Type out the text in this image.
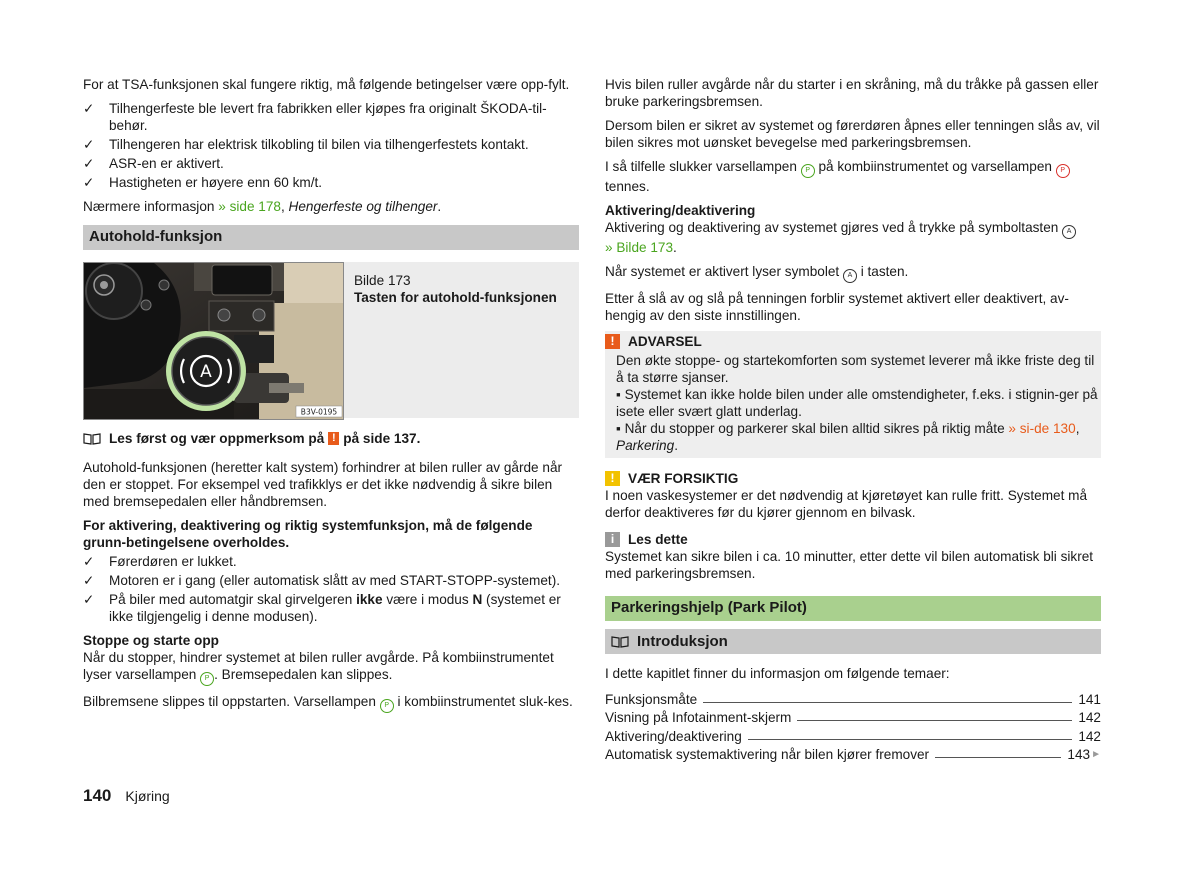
For at TSA-funksjonen skal fungere riktig, må følgende betingelser være opp-fylt.

✓ Tilhengerfeste ble levert fra fabrikken eller kjøpes fra originalt ŠKODA-til-behør.
✓ Tilhengeren har elektrisk tilkobling til bilen via tilhengerfestets kontakt.
✓ ASR-en er aktivert.
✓ Hastigheten er høyere enn 60 km/t.

Nærmere informasjon » side 178, Hengerfeste og tilhenger.

Autohold-funksjon
A
B3V-0195
Bilde 173
Tasten for autohold-funksjonen
Les først og vær oppmerksom på ! på side 137.

Autohold-funksjonen (heretter kalt system) forhindrer at bilen ruller av gårde når den er stoppet. For eksempel ved trafikklys er det ikke nødvendig å sikre bilen med bremsepedalen eller håndbremsen.

For aktivering, deaktivering og riktig systemfunksjon, må de følgende grunn-betingelsene overholdes.

✓ Førerdøren er lukket.
✓ Motoren er i gang (eller automatisk slått av med START-STOPP-systemet).
✓ På biler med automatgir skal girvelgeren ikke være i modus N (systemet er ikke tilgjengelig i denne modusen).

Stoppe og starte opp

Når du stopper, hindrer systemet at bilen ruller avgårde. På kombiinstrumentet lyser varsellampen P . Bremsepedalen kan slippes.

Bilbremsene slippes til oppstarten. Varsellampen P i kombiinstrumentet sluk-kes.

Hvis bilen ruller avgårde når du starter i en skråning, må du tråkke på gassen eller bruke parkeringsbremsen.

Dersom bilen er sikret av systemet og førerdøren åpnes eller tenningen slås av, vil bilen sikres mot uønsket bevegelse med parkeringsbremsen.

I så tilfelle slukker varsellampen P på kombiinstrumentet og varsellampen P tennes.

Aktivering/deaktivering

Aktivering og deaktivering av systemet gjøres ved å trykke på symboltasten A
» Bilde 173.

Når systemet er aktivert lyser symbolet A i tasten.

Etter å slå av og slå på tenningen forblir systemet aktivert eller deaktivert, av-hengig av den siste innstillingen.

! ADVARSEL
Den økte stoppe- og startekomforten som systemet leverer må ikke friste deg til å ta større sjanser.
▪ Systemet kan ikke holde bilen under alle omstendigheter, f.eks. i stignin-ger på isete eller svært glatt underlag.
▪ Når du stopper og parkerer skal bilen alltid sikres på riktig måte » si-de 130, Parkering.
! VÆR FORSIKTIG
I noen vaskesystemer er det nødvendig at kjøretøyet kan rulle fritt. Systemet må derfor deaktiveres før du kjører gjennom en bilvask.
i	Les dette
Systemet kan sikre bilen i ca. 10 minutter, etter dette vil bilen automatisk bli sikret med parkeringsbremsen.
Parkeringshjelp (Park Pilot)
Introduksjon

I dette kapitlet finner du informasjon om følgende temaer:

Funksjonsmåte	141
Visning på Infotainment-skjerm	142
Aktivering/deaktivering	142
Automatisk systemaktivering når bilen kjører fremover	143 ►
140 Kjøring
